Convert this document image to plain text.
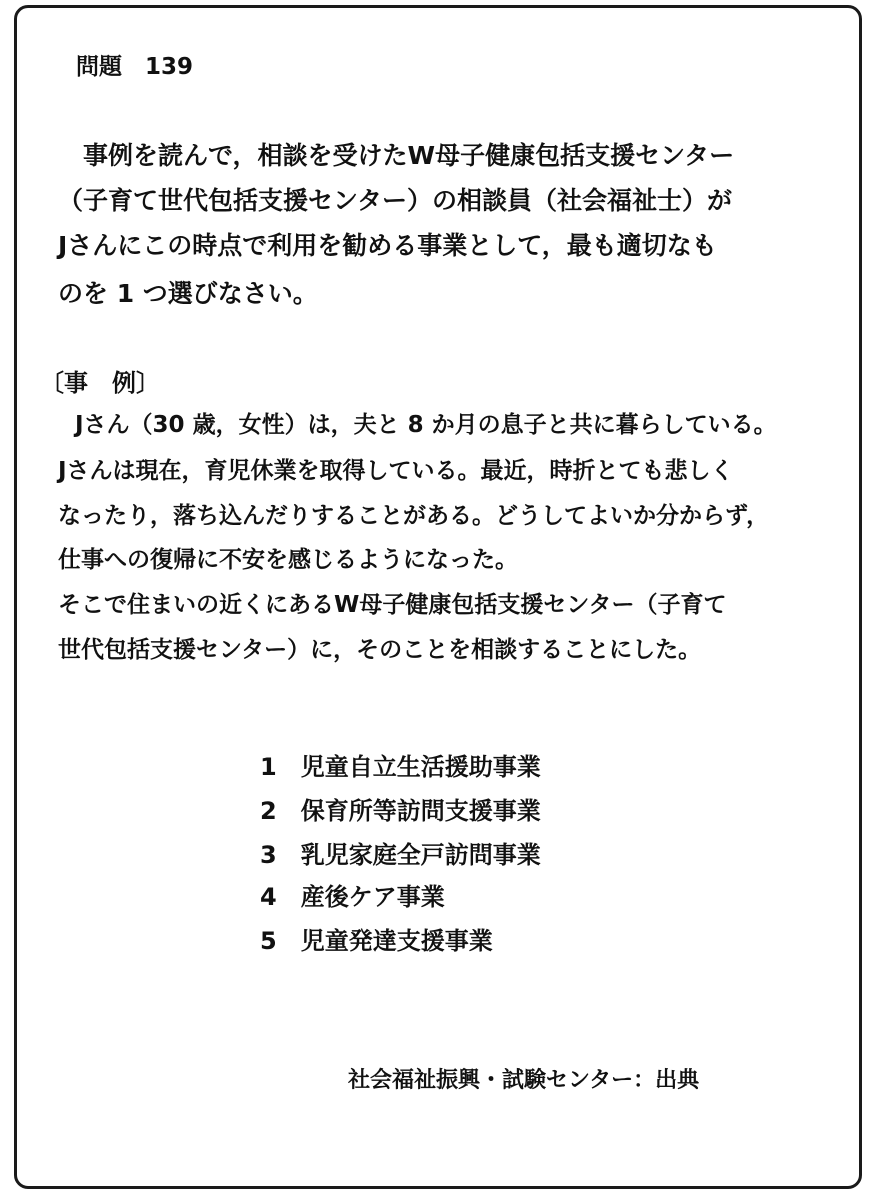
問題　139
　事例を読んで，相談を受けたW母子健康包括支援センター
（子育て世代包括支援センター）の相談員（社会福祉士）が
Jさんにこの時点で利用を勧める事業として，最も適切なも
のを 1 つ選びなさい。
〔事　例〕
　Jさん（30 歳，女性）は，夫と 8 か月の息子と共に暮らしている。
Jさんは現在，育児休業を取得している。最近，時折とても悲しく
なったり，落ち込んだりすることがある。どうしてよいか分からず，
仕事への復帰に不安を感じるようになった。
そこで住まいの近くにあるW母子健康包括支援センター（子育て
世代包括支援センター）に，そのことを相談することにした。
1　児童自立生活援助事業
2　保育所等訪問支援事業
3　乳児家庭全戸訪問事業
4　産後ケア事業
5　児童発達支援事業
社会福祉振興・試験センター：出典
